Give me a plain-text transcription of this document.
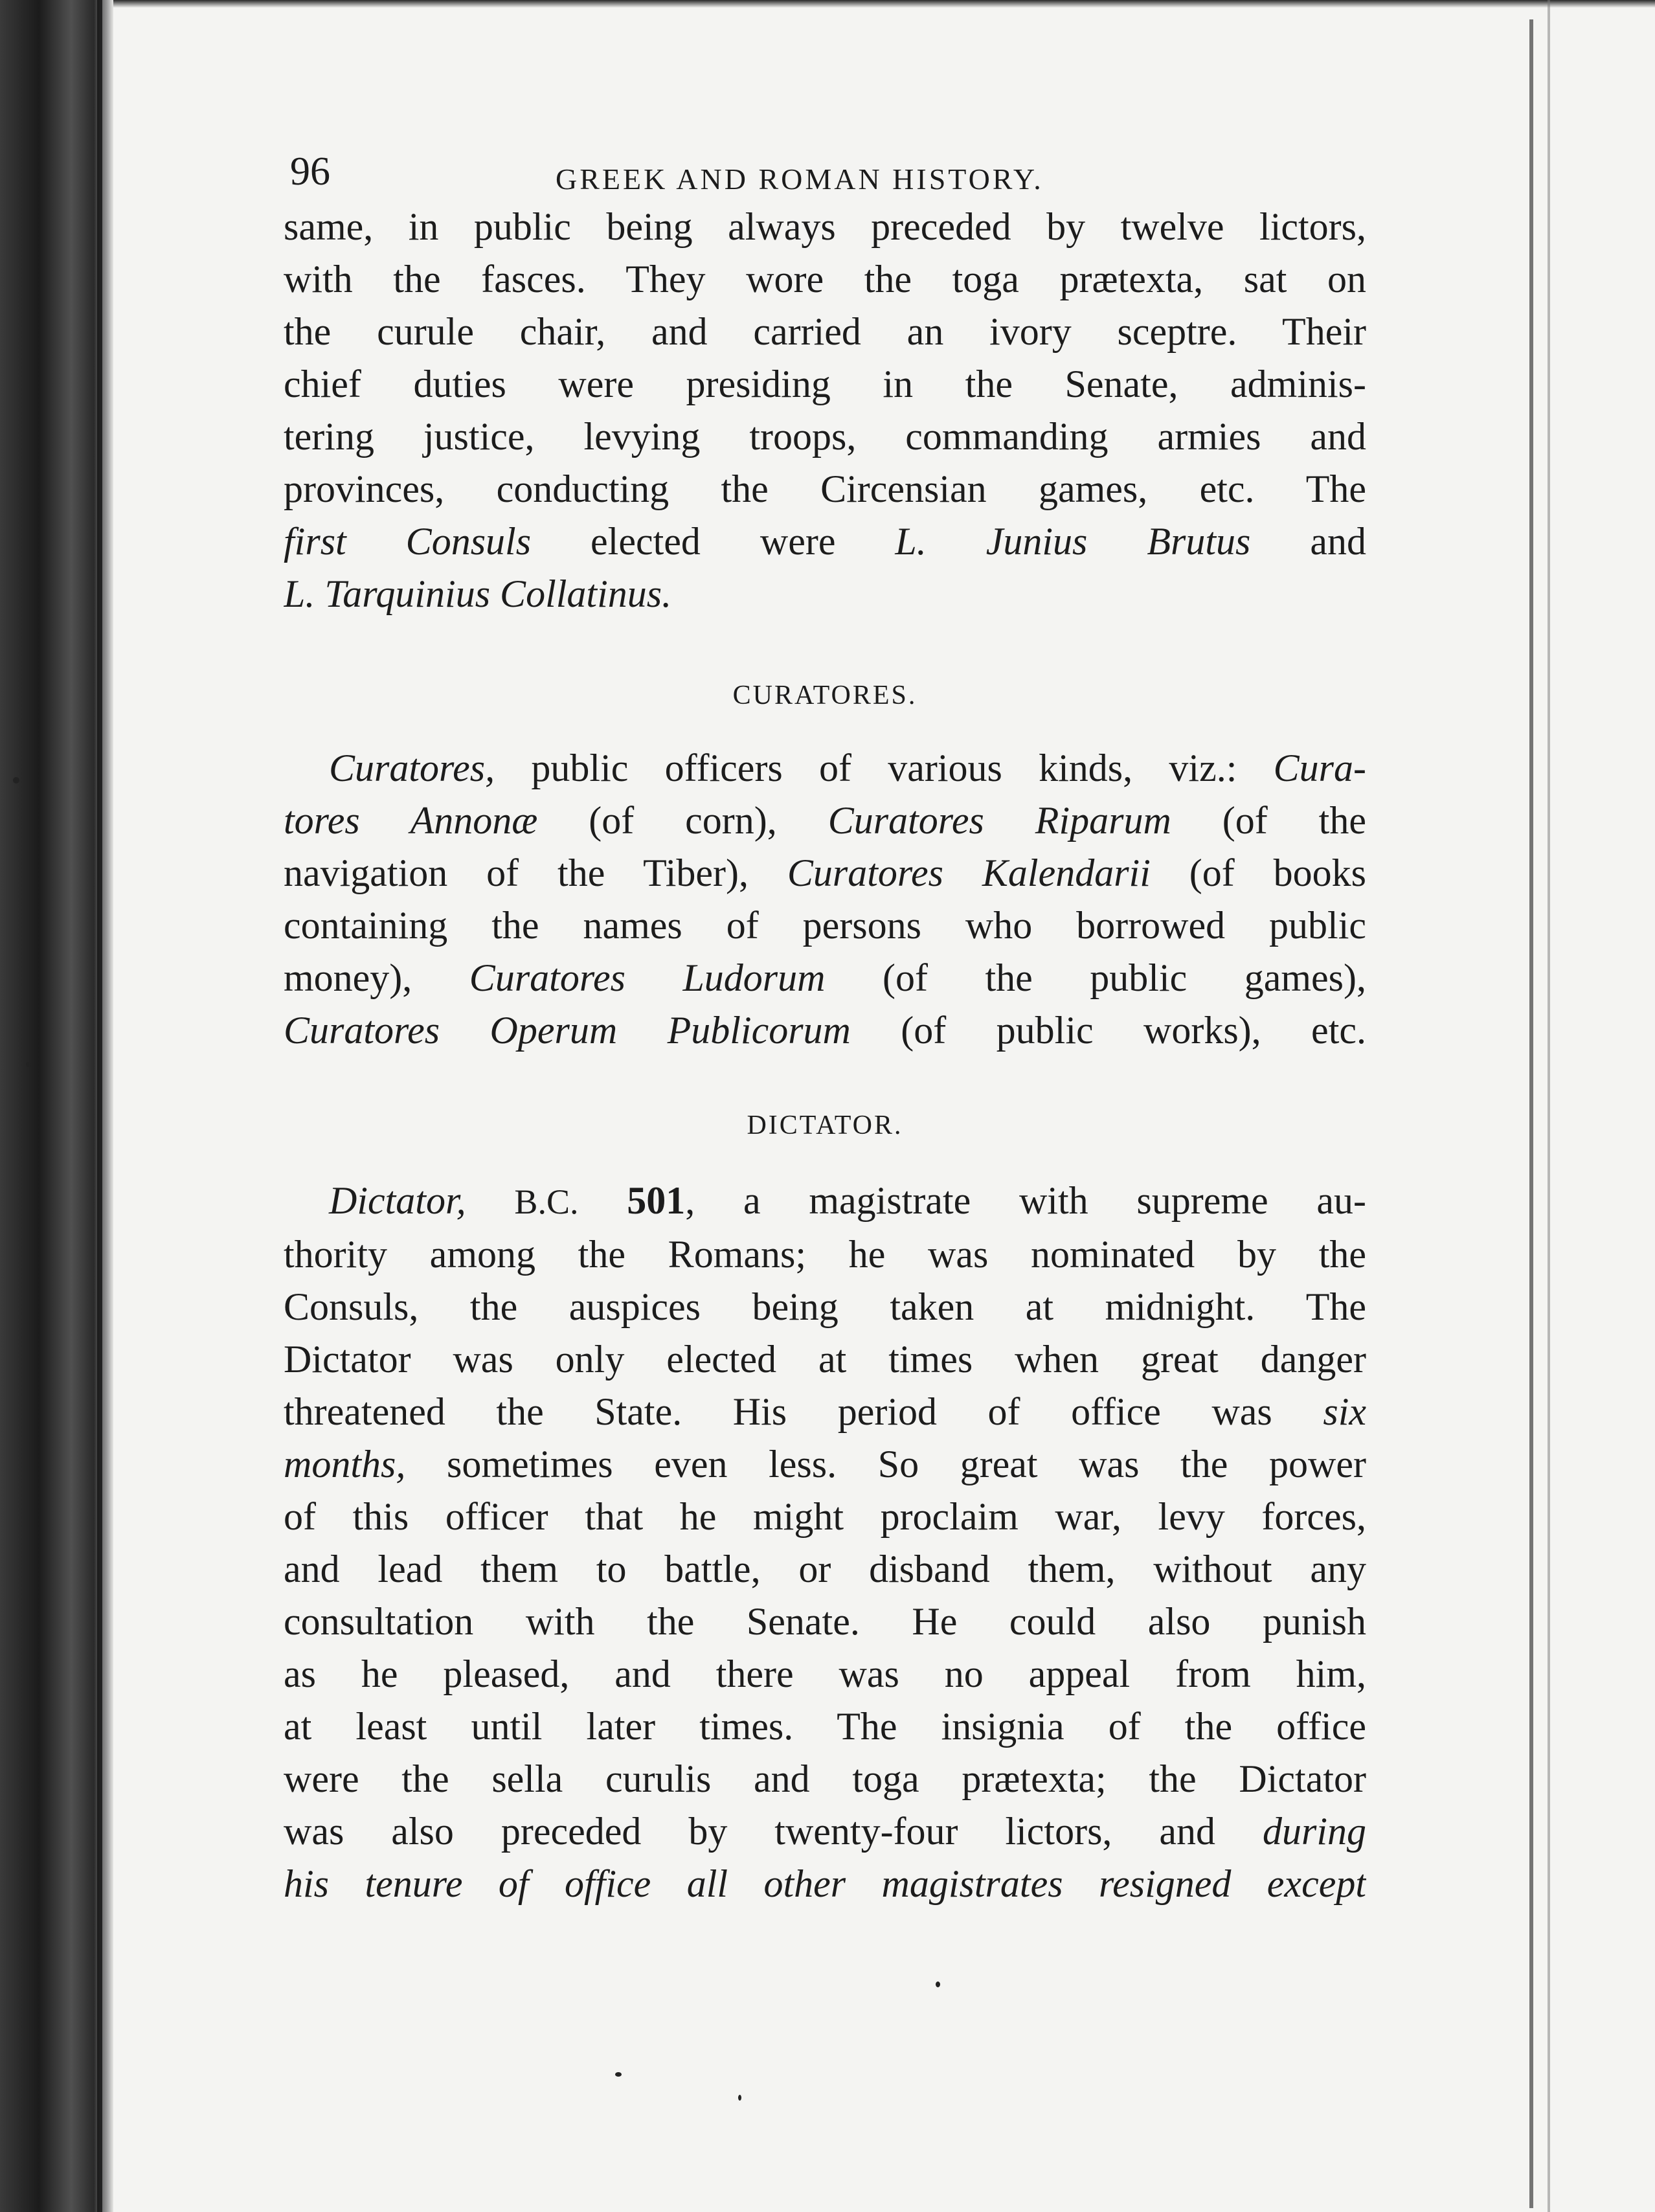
96	GREEK AND ROMAN HISTORY.
same, in public being always preceded by twelve lictors,
with the fasces. They wore the toga prætexta, sat on
the curule chair, and carried an ivory sceptre. Their
chief duties were presiding in the Senate, adminis-
tering justice, levying troops, commanding armies and
provinces, conducting the Circensian games, etc. The
first Consuls elected were L. Junius Brutus and
L. Tarquinius Collatinus.
CURATORES.
Curatores, public officers of various kinds, viz.: Cura-
tores Annonæ (of corn), Curatores Riparum (of the
navigation of the Tiber), Curatores Kalendarii (of books
containing the names of persons who borrowed public
money), Curatores Ludorum (of the public games),
Curatores Operum Publicorum (of public works), etc.
DICTATOR.
Dictator, B.C. 501, a magistrate with supreme au-
thority among the Romans; he was nominated by the
Consuls, the auspices being taken at midnight. The
Dictator was only elected at times when great danger
threatened the State. His period of office was six
months, sometimes even less. So great was the power
of this officer that he might proclaim war, levy forces,
and lead them to battle, or disband them, without any
consultation with the Senate. He could also punish
as he pleased, and there was no appeal from him,
at least until later times. The insignia of the office
were the sella curulis and toga prætexta; the Dictator
was also preceded by twenty-four lictors, and during
his tenure of office all other magistrates resigned except
